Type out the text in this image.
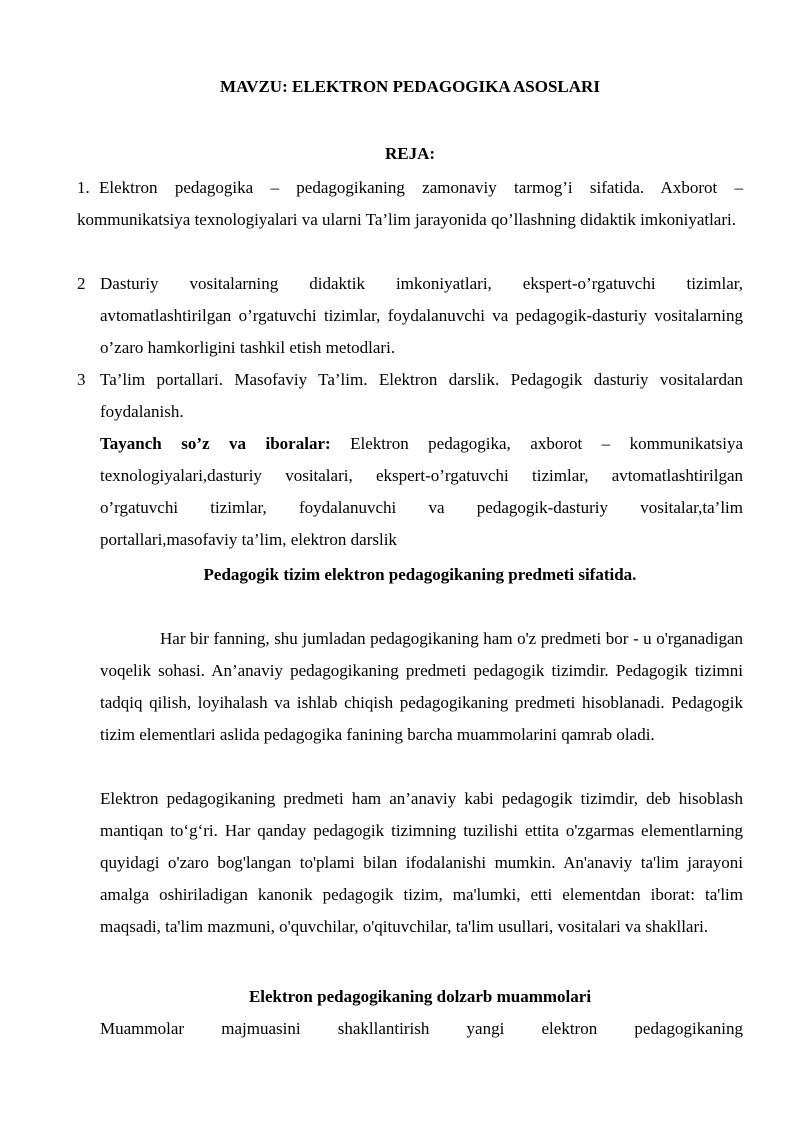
MAVZU: ELEKTRON PEDAGOGIKA ASOSLARI
REJA:
1. Elektron pedagogika – pedagogikaning zamonaviy tarmog’i sifatida. Axborot – kommunikatsiya texnologiyalari va ularni Ta’lim jarayonida qo’llashning didaktik imkoniyatlari.
2 Dasturiy vositalarning didaktik imkoniyatlari, ekspert-o’rgatuvchi tizimlar, avtomatlashtirilgan o’rgatuvchi tizimlar, foydalanuvchi va pedagogik-dasturiy vositalarning o’zaro hamkorligini tashkil etish metodlari.
3 Ta’lim portallari. Masofaviy Ta’lim. Elektron darslik. Pedagogik dasturiy vositalardan foydalanish.

Tayanch so’z va iboralar: Elektron pedagogika, axborot – kommunikatsiya texnologiyalari,dasturiy vositalari, ekspert-o’rgatuvchi tizimlar, avtomatlashtirilgan o’rgatuvchi tizimlar, foydalanuvchi va pedagogik-dasturiy vositalar,ta’lim portallari,masofaviy ta’lim, elektron darslik

Pedagogik tizim elektron pedagogikaning predmeti sifatida.

Har bir fanning, shu jumladan pedagogikaning ham o'z predmeti bor - u o'rganadigan voqelik sohasi. An’anaviy pedagogikaning predmeti pedagogik tizimdir. Pedagogik tizimni tadqiq qilish, loyihalash va ishlab chiqish pedagogikaning predmeti hisoblanadi. Pedagogik tizim elementlari aslida pedagogika fanining barcha muammolarini qamrab oladi.

Elektron pedagogikaning predmeti ham an’anaviy kabi pedagogik tizimdir, deb hisoblash mantiqan to‘g‘ri. Har qanday pedagogik tizimning tuzilishi ettita o'zgarmas elementlarning quyidagi o'zaro bog'langan to'plami bilan ifodalanishi mumkin. An'anaviy ta'lim jarayoni amalga oshiriladigan kanonik pedagogik tizim, ma'lumki, etti elementdan iborat: ta'lim maqsadi, ta'lim mazmuni, o'quvchilar, o'qituvchilar, ta'lim usullari, vositalari va shakllari.

Elektron pedagogikaning dolzarb muammolari

Muammolar majmuasini shakllantirish yangi elektron pedagogikaning
